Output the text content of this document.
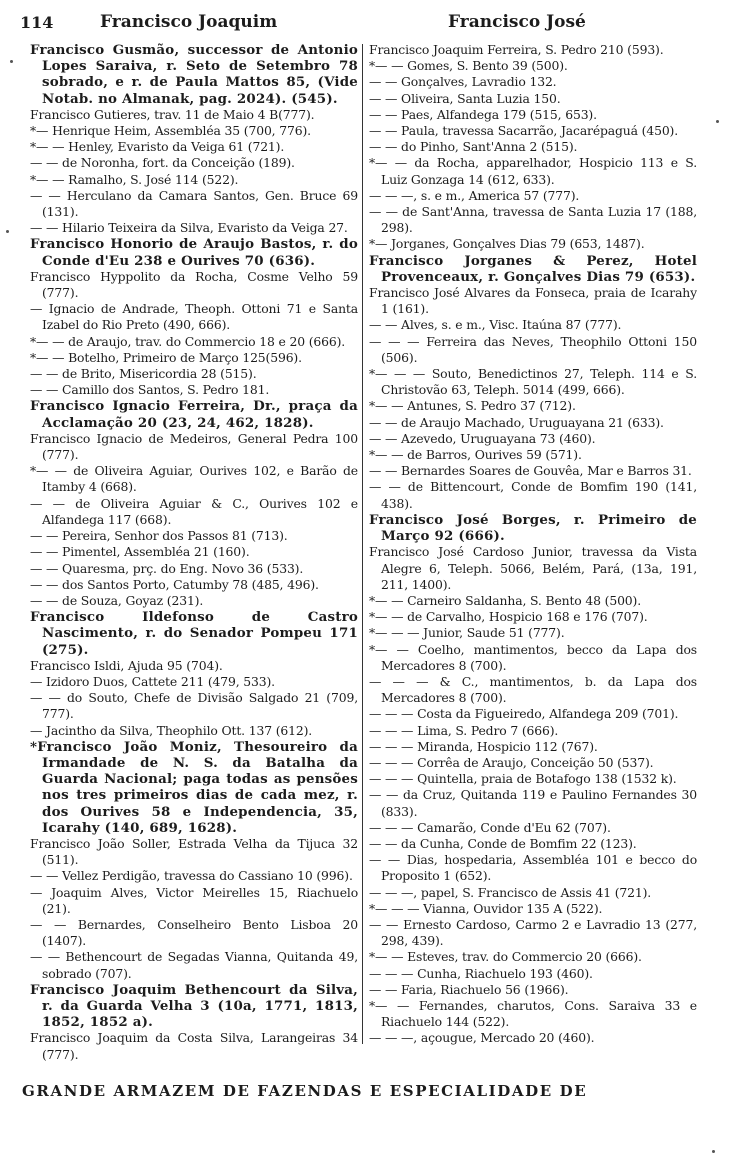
114	Francisco Joaquim	Francisco José

Francisco Gusmão, successor de Antonio Lopes Saraiva, r. Seto de Setembro 78 sobrado, e r. de Paula Mattos 85, (Vide Notab. no Almanak, pag. 2024). (545).

Francisco Gutieres, trav. 11 de Maio 4 B(777).

*— Henrique Heim, Assembléa 35 (700, 776).

*— — Henley, Evaristo da Veiga 61 (721).

— — de Noronha, fort. da Conceição (189).

*— — Ramalho, S. José 114 (522).

— — Herculano da Camara Santos, Gen. Bruce 69 (131).

— — Hilario Teixeira da Silva, Evaristo da Veiga 27.

Francisco Honorio de Araujo Bastos, r. do Conde d'Eu 238 e Ourives 70 (636).

Francisco Hyppolito da Rocha, Cosme Velho 59 (777).

— Ignacio de Andrade, Theoph. Ottoni 71 e Santa Izabel do Rio Preto (490, 666).

*— — de Araujo, trav. do Commercio 18 e 20 (666).

*— — Botelho, Primeiro de Março 125(596).

— — de Brito, Misericordia 28 (515).

— — Camillo dos Santos, S. Pedro 181.

Francisco Ignacio Ferreira, Dr., praça da Acclamação 20 (23, 24, 462, 1828).

Francisco Ignacio de Medeiros, General Pedra 100 (777).

*— — de Oliveira Aguiar, Ourives 102, e Barão de Itamby 4 (668).

— — de Oliveira Aguiar & C., Ourives 102 e Alfandega 117 (668).

— — Pereira, Senhor dos Passos 81 (713).

— — Pimentel, Assembléa 21 (160).

— — Quaresma, prç. do Eng. Novo 36 (533).

— — dos Santos Porto, Catumby 78 (485, 496).

— — de Souza, Goyaz (231).

Francisco Ildefonso de Castro Nascimento, r. do Senador Pompeu 171 (275).

Francisco Isldi, Ajuda 95 (704).

— Izidoro Duos, Cattete 211 (479, 533).

— — do Souto, Chefe de Divisão Salgado 21 (709, 777).

— Jacintho da Silva, Theophilo Ott. 137 (612).

*Francisco João Moniz, Thesoureiro da Irmandade de N. S. da Batalha da Guarda Nacional; paga todas as pensões nos tres primeiros dias de cada mez, r. dos Ourives 58 e Independencia, 35, Icarahy (140, 689, 1628).

Francisco João Soller, Estrada Velha da Tijuca 32 (511).

— — Vellez Perdigão, travessa do Cassiano 10 (996).

— Joaquim Alves, Victor Meirelles 15, Riachuelo (21).

— — Bernardes, Conselheiro Bento Lisboa 20 (1407).

— — Bethencourt de Segadas Vianna, Quitanda 49, sobrado (707).

Francisco Joaquim Bethencourt da Silva, r. da Guarda Velha 3 (10a, 1771, 1813, 1852, 1852 a).

Francisco Joaquim da Costa Silva, Larangeiras 34 (777).

Francisco Joaquim Ferreira, S. Pedro 210 (593).

*— — Gomes, S. Bento 39 (500).

— — Gonçalves, Lavradio 132.

— — Oliveira, Santa Luzia 150.

— — Paes, Alfandega 179 (515, 653).

— — Paula, travessa Sacarrão, Jacarépaguá (450).

— — do Pinho, Sant'Anna 2 (515).

*— — da Rocha, apparelhador, Hospicio 113 e S. Luiz Gonzaga 14 (612, 633).

— — —, s. e m., America 57 (777).

— — de Sant'Anna, travessa de Santa Luzia 17 (188, 298).

*— Jorganes, Gonçalves Dias 79 (653, 1487).

Francisco Jorganes & Perez, Hotel Provenceaux, r. Gonçalves Dias 79 (653).

Francisco José Alvares da Fonseca, praia de Icarahy 1 (161).

— — Alves, s. e m., Visc. Itaúna 87 (777).

— — — Ferreira das Neves, Theophilo Ottoni 150 (506).

*— — — Souto, Benedictinos 27, Teleph. 114 e S. Christovão 63, Teleph. 5014 (499, 666).

*— — Antunes, S. Pedro 37 (712).

— — de Araujo Machado, Uruguayana 21 (633).

— — Azevedo, Uruguayana 73 (460).

*— — de Barros, Ourives 59 (571).

— — Bernardes Soares de Gouvêa, Mar e Barros 31.

— — de Bittencourt, Conde de Bomfim 190 (141, 438).

Francisco José Borges, r. Primeiro de Março 92 (666).

Francisco José Cardoso Junior, travessa da Vista Alegre 6, Teleph. 5066, Belém, Pará, (13a, 191, 211, 1400).

*— — Carneiro Saldanha, S. Bento 48 (500).

*— — de Carvalho, Hospicio 168 e 176 (707).

*— — — Junior, Saude 51 (777).

*— — Coelho, mantimentos, becco da Lapa dos Mercadores 8 (700).

— — — & C., mantimentos, b. da Lapa dos Mercadores 8 (700).

— — — Costa da Figueiredo, Alfandega 209 (701).

— — — Lima, S. Pedro 7 (666).

— — — Miranda, Hospicio 112 (767).

— — — Corrêa de Araujo, Conceição 50 (537).

— — — Quintella, praia de Botafogo 138 (1532 k).

— — da Cruz, Quitanda 119 e Paulino Fernandes 30 (833).

— — — Camarão, Conde d'Eu 62 (707).

— — da Cunha, Conde de Bomfim 22 (123).

— — Dias, hospedaria, Assembléa 101 e becco do Proposito 1 (652).

— — —, papel, S. Francisco de Assis 41 (721).

*— — — Vianna, Ouvidor 135 A (522).

— — Ernesto Cardoso, Carmo 2 e Lavradio 13 (277, 298, 439).

*— — Esteves, trav. do Commercio 20 (666).

— — — Cunha, Riachuelo 193 (460).

— — Faria, Riachuelo 56 (1966).

*— — Fernandes, charutos, Cons. Saraiva 33 e Riachuelo 144 (522).

— — —, açougue, Mercado 20 (460).

GRANDE ARMAZEM DE FAZENDAS E ESPECIALIDADE DE
